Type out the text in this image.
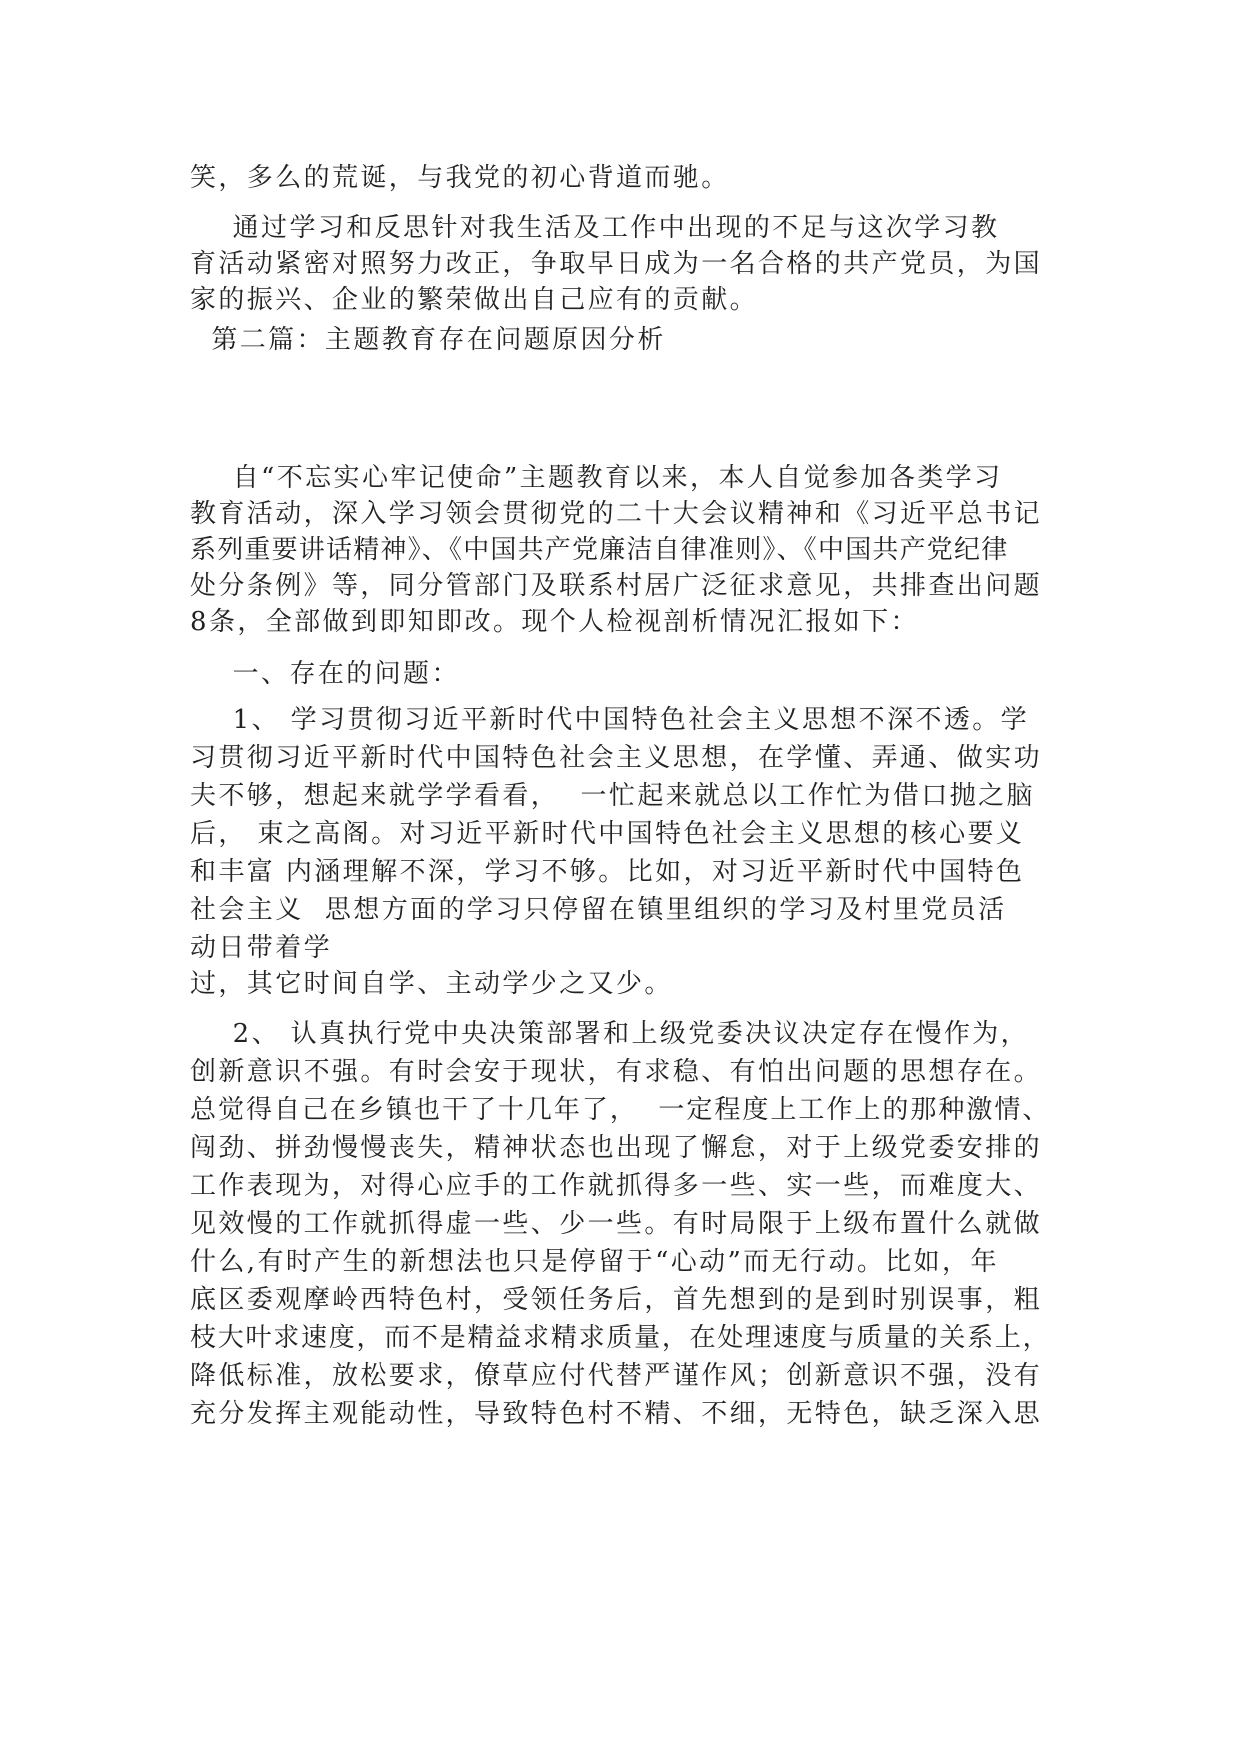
笑，多么的荒诞，与我党的初心背道而驰。
通过学习和反思针对我生活及工作中出现的不足与这次学习教
育活动紧密对照努力改正，争取早日成为一名合格的共产党员，为国
家的振兴、企业的繁荣做出自己应有的贡献。
第二篇：主题教育存在问题原因分析
自“不忘实心牢记使命”主题教育以来，本人自觉参加各类学习
教育活动，深入学习领会贯彻党的二十大会议精神和《习近平总书记
系列重要讲话精神》、《中国共产党廉洁自律准则》、《中国共产党纪律
处分条例》等，同分管部门及联系村居广泛征求意见，共排查出问题
8条，全部做到即知即改。现个人检视剖析情况汇报如下：
一、存在的问题：
1、 学习贯彻习近平新时代中国特色社会主义思想不深不透。学
习贯彻习近平新时代中国特色社会主义思想，在学懂、弄通、做实功
夫不够，想起来就学学看看，  一忙起来就总以工作忙为借口抛之脑
后， 束之高阁。对习近平新时代中国特色社会主义思想的核心要义
和丰富 内涵理解不深，学习不够。比如，对习近平新时代中国特色
社会主义  思想方面的学习只停留在镇里组织的学习及村里党员活
动日带着学
过，其它时间自学、主动学少之又少。
2、 认真执行党中央决策部署和上级党委决议决定存在慢作为，
创新意识不强。有时会安于现状，有求稳、有怕出问题的思想存在。
总觉得自己在乡镇也干了十几年了，  一定程度上工作上的那种激情、
闯劲、拼劲慢慢丧失，精神状态也出现了懈怠，对于上级党委安排的
工作表现为，对得心应手的工作就抓得多一些、实一些，而难度大、
见效慢的工作就抓得虚一些、少一些。有时局限于上级布置什么就做
什么,有时产生的新想法也只是停留于“心动”而无行动。比如，年
底区委观摩岭西特色村，受领任务后，首先想到的是到时别误事，粗
枝大叶求速度，而不是精益求精求质量，在处理速度与质量的关系上，
降低标准，放松要求，僚草应付代替严谨作风；创新意识不强，没有
充分发挥主观能动性，导致特色村不精、不细，无特色，缺乏深入思
